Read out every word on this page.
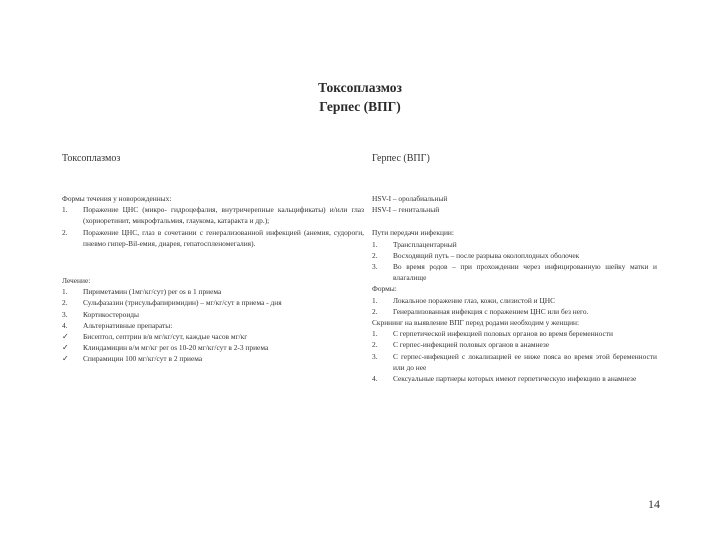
Токсоплазмоз
Герпес (ВПГ)
Токсоплазмоз	Герпес (ВПГ)

Формы течения у новорожденных:

1.	Поражение ЦНС (микро- гидроцефалия, внутричерепные кальцификаты) и/или глаз (хориоретинит, микрофтальмия, глаукома, катаракта и др.);
2.	Поражение ЦНС, глаз в сочетании с генерализованной инфекцией (анемия, судороги, пневмо гипер-Bil-емия, диарея, гепатоспленомегалия).

Лечение:

1.	Пириметамин (1мг/кг/сут) per os в 1 приема
2.	Сульфазазин (трисульфапиримидин) – мг/кг/сут в приема - дня
3.	Кортикостероиды
4.	Альтернативные препараты:
✓	Бисептол, септрин в/в мг/кг/сут, каждые часов мг/кг
✓	Клиндамицин в/м мг/кг per os 10-20 мг/кг/сут в 2-3 приема
✓	Спирамицин 100 мг/кг/сут в 2 приема

HSV-I – оролабиальный

HSV-I – генитальный

Пути передачи инфекции:

1.	Трансплацентарный
2.	Восходящий путь – после разрыва околоплодных оболочек
3.	Во время родов – при прохождении через инфицированную шейку матки и влагалище

Формы:

1.	Локальное поражение глаз, кожи, слизистой и ЦНС
2.	Генерализованная инфекция с поражением ЦНС или без него.

Скрининг на выявление ВПГ перед родами необходим у женщин:

1.	С герпетической инфекцией половых органов во время беременности
2.	С герпес-инфекцией половых органов в анамнезе
3.	С герпес-инфекцией с локализацией ее ниже пояса во время этой беременности или до нее
4.	Сексуальные партнеры которых имеют герпетическую инфекцию в анамнезе
14
